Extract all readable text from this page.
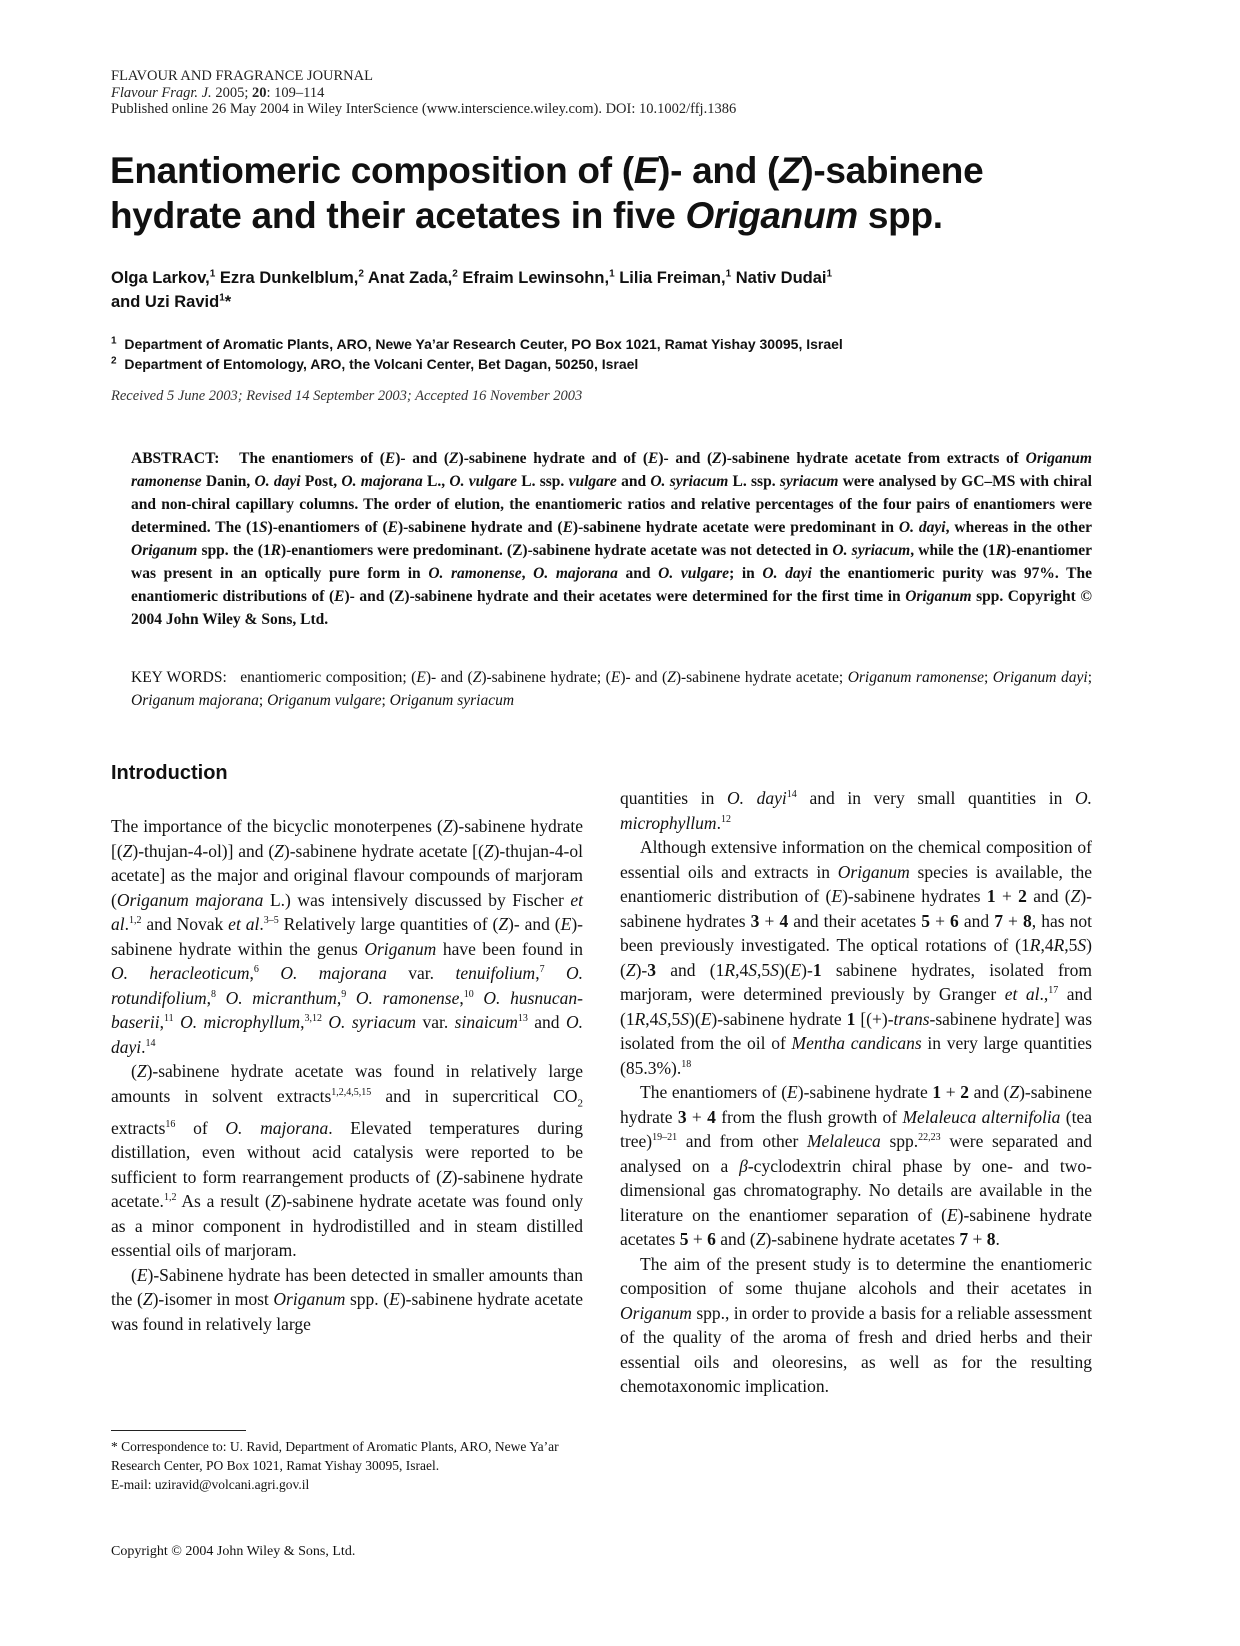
FLAVOUR AND FRAGRANCE JOURNAL
Flavour Fragr. J. 2005; 20: 109–114
Published online 26 May 2004 in Wiley InterScience (www.interscience.wiley.com). DOI: 10.1002/ffj.1386
Enantiomeric composition of (E)- and (Z)-sabinene hydrate and their acetates in five Origanum spp.
Olga Larkov,$^1$ Ezra Dunkelblum,$^2$ Anat Zada,$^2$ Efraim Lewinsohn,$^1$ Lilia Freiman,$^1$ Nativ Dudai$^1$
and Uzi Ravid$^1$*
$^1$  Department of Aromatic Plants, ARO, Newe Ya’ar Research Ceuter, PO Box 1021, Ramat Yishay 30095, Israel
$^2$  Department of Entomology, ARO, the Volcani Center, Bet Dagan, 50250, Israel
Received 5 June 2003; Revised 14 September 2003; Accepted 16 November 2003
ABSTRACT:   The enantiomers of (E)- and (Z)-sabinene hydrate and of (E)- and (Z)-sabinene hydrate acetate from extracts of Origanum ramonense Danin, O. dayi Post, O. majorana L., O. vulgare L. ssp. vulgare and O. syriacum L. ssp. syriacum were analysed by GC–MS with chiral and non-chiral capillary columns. The order of elution, the enantiomeric ratios and relative percentages of the four pairs of enantiomers were determined. The (1S)-enantiomers of (E)-sabinene hydrate and (E)-sabinene hydrate acetate were predominant in O. dayi, whereas in the other Origanum spp. the (1R)-enantiomers were predominant. (Z)-sabinene hydrate acetate was not detected in O. syriacum, while the (1R)-enantiomer was present in an optically pure form in O. ramonense, O. majorana and O. vulgare; in O. dayi the enantiomeric purity was 97%. The enantiomeric distributions of (E)- and (Z)-sabinene hydrate and their acetates were determined for the first time in Origanum spp. Copyright © 2004 John Wiley & Sons, Ltd.
KEY WORDS:   enantiomeric composition; (E)- and (Z)-sabinene hydrate; (E)- and (Z)-sabinene hydrate acetate; Origanum ramonense; Origanum dayi; Origanum majorana; Origanum vulgare; Origanum syriacum
Introduction

The importance of the bicyclic monoterpenes (Z)-sabinene hydrate [(Z)-thujan-4-ol)] and (Z)-sabinene hydrate acetate [(Z)-thujan-4-ol acetate] as the major and original flavour compounds of marjoram (Origanum majorana L.) was intensively discussed by Fischer et al.$^{1,2}$ and Novak et al.$^{3-5}$ Relatively large quantities of (Z)- and (E)-sabinene hydrate within the genus Origanum have been found in O. heracleoticum,$^6$ O. majorana var. tenuifolium,$^7$ O. rotundifolium,$^8$ O. micranthum,$^9$ O. ramonense,$^{10}$ O. husnucan-baserii,$^{11}$ O. microphyllum,$^{3,12}$ O. syriacum var. sinaicum$^{13}$ and O. dayi.$^{14}$

(Z)-sabinene hydrate acetate was found in relatively large amounts in solvent extracts$^{1,2,4,5,15}$ and in supercritical $CO_2$ extracts$^{16}$ of O. majorana. Elevated temperatures during distillation, even without acid catalysis were reported to be sufficient to form rearrangement products of (Z)-sabinene hydrate acetate.$^{1,2}$ As a result (Z)-sabinene hydrate acetate was found only as a minor component in hydrodistilled and in steam distilled essential oils of marjoram.

(E)-Sabinene hydrate has been detected in smaller amounts than the (Z)-isomer in most Origanum spp. (E)-sabinene hydrate acetate was found in relatively large

quantities in O. dayi$^{14}$ and in very small quantities in O. microphyllum.$^{12}$

Although extensive information on the chemical composition of essential oils and extracts in Origanum species is available, the enantiomeric distribution of (E)-sabinene hydrates 1 + 2 and (Z)-sabinene hydrates 3 + 4 and their acetates 5 + 6 and 7 + 8, has not been previously investigated. The optical rotations of (1R,4R,5S)(Z)-3 and (1R,4S,5S)(E)-1 sabinene hydrates, isolated from marjoram, were determined previously by Granger et al.,$^{17}$ and (1R,4S,5S)(E)-sabinene hydrate 1 [(+)-trans-sabinene hydrate] was isolated from the oil of Mentha candicans in very large quantities (85.3%).$^{18}$

The enantiomers of (E)-sabinene hydrate 1 + 2 and (Z)-sabinene hydrate 3 + 4 from the flush growth of Melaleuca alternifolia (tea tree)$^{19-21}$ and from other Melaleuca spp.$^{22,23}$ were separated and analysed on a β-cyclodextrin chiral phase by one- and two-dimensional gas chromatography. No details are available in the literature on the enantiomer separation of (E)-sabinene hydrate acetates 5 + 6 and (Z)-sabinene hydrate acetates 7 + 8.

The aim of the present study is to determine the enantiomeric composition of some thujane alcohols and their acetates in Origanum spp., in order to provide a basis for a reliable assessment of the quality of the aroma of fresh and dried herbs and their essential oils and oleoresins, as well as for the resulting chemotaxonomic implication.

* Correspondence to: U. Ravid, Department of Aromatic Plants, ARO, Newe Ya’ar Research Center, PO Box 1021, Ramat Yishay 30095, Israel.
E-mail: uziravid@volcani.agri.gov.il
Copyright © 2004 John Wiley & Sons, Ltd.
